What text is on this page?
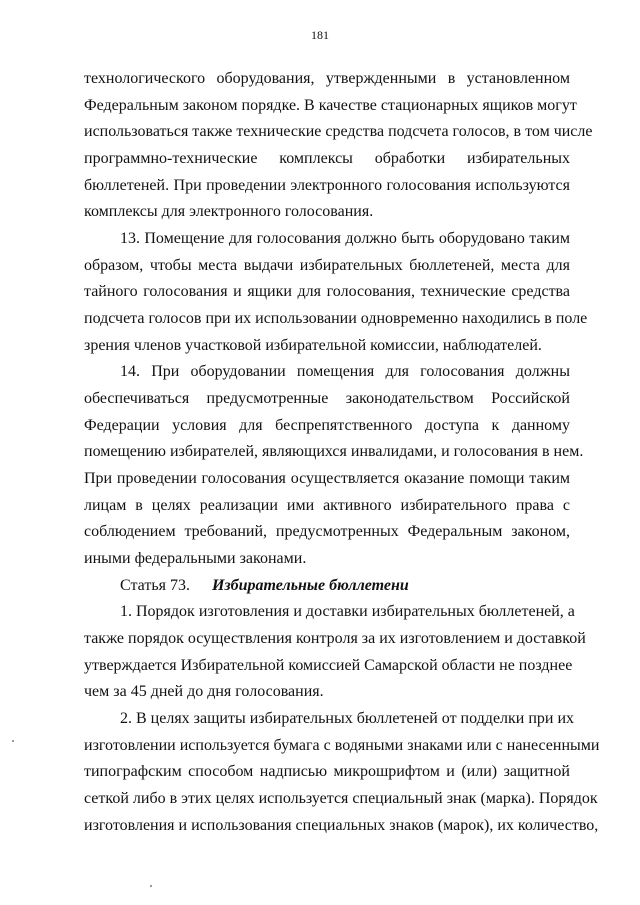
181
технологического оборудования, утвержденными в установленном
Федеральным законом порядке. В качестве стационарных ящиков могут
использоваться также технические средства подсчета голосов, в том числе
программно-технические комплексы обработки избирательных
бюллетеней. При проведении электронного голосования используются
комплексы для электронного голосования.
13. Помещение для голосования должно быть оборудовано таким
образом, чтобы места выдачи избирательных бюллетеней, места для
тайного голосования и ящики для голосования, технические средства
подсчета голосов при их использовании одновременно находились в поле
зрения членов участковой избирательной комиссии, наблюдателей.
14. При оборудовании помещения для голосования должны
обеспечиваться предусмотренные законодательством Российской
Федерации условия для беспрепятственного доступа к данному
помещению избирателей, являющихся инвалидами, и голосования в нем.
При проведении голосования осуществляется оказание помощи таким
лицам в целях реализации ими активного избирательного права с
соблюдением требований, предусмотренных Федеральным законом,
иными федеральными законами.
Статья 73. Избирательные бюллетени
1. Порядок изготовления и доставки избирательных бюллетеней, а
также порядок осуществления контроля за их изготовлением и доставкой
утверждается Избирательной комиссией Самарской области не позднее
чем за 45 дней до дня голосования.
2. В целях защиты избирательных бюллетеней от подделки при их
изготовлении используется бумага с водяными знаками или с нанесенными
типографским способом надписью микрошрифтом и (или) защитной
сеткой либо в этих целях используется специальный знак (марка). Порядок
изготовления и использования специальных знаков (марок), их количество,
